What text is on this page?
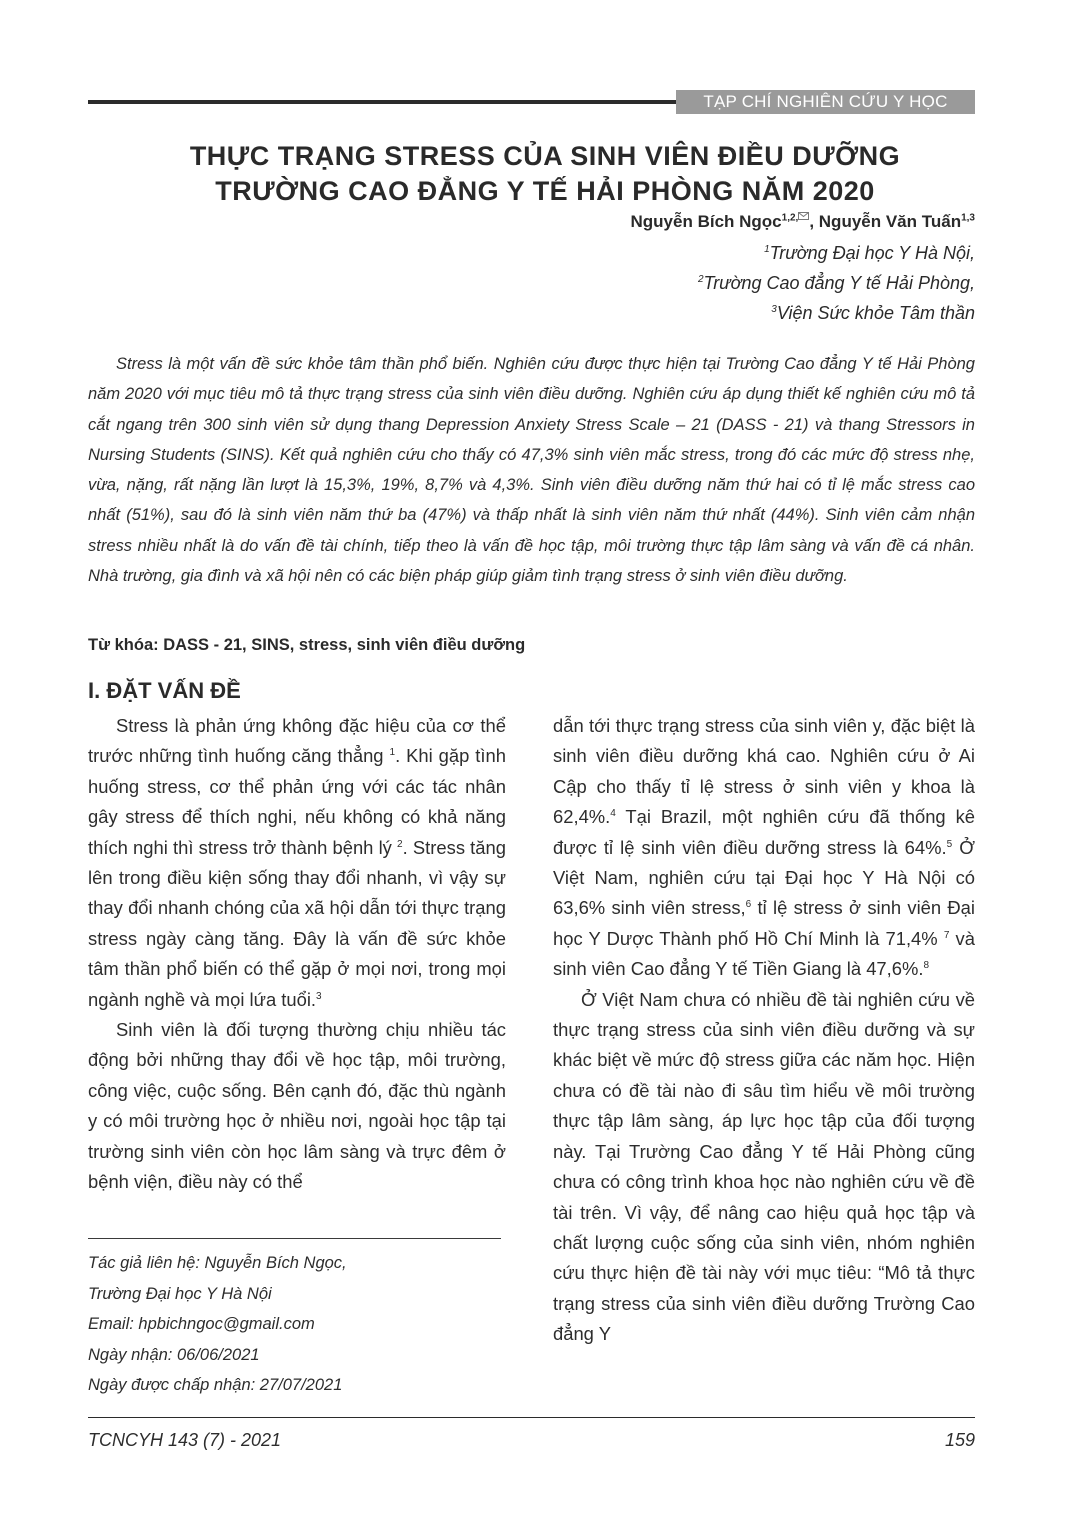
TẠP CHÍ NGHIÊN CỨU Y HỌC
THỰC TRẠNG STRESS CỦA SINH VIÊN ĐIỀU DƯỠNG
TRƯỜNG CAO ĐẲNG Y TẾ HẢI PHÒNG NĂM 2020
Nguyễn Bích Ngọc$^{1,2,}$ , Nguyễn Văn Tuấn$^{1,3}$
$^1$Trường Đại học Y Hà Nội,
$^2$Trường Cao đẳng Y tế Hải Phòng,
$^3$Viện Sức khỏe Tâm thần

Stress là một vấn đề sức khỏe tâm thần phổ biến. Nghiên cứu được thực hiện tại Trường Cao đẳng Y tế Hải Phòng năm 2020 với mục tiêu mô tả thực trạng stress của sinh viên điều dưỡng. Nghiên cứu áp dụng thiết kế nghiên cứu mô tả cắt ngang trên 300 sinh viên sử dụng thang Depression Anxiety Stress Scale – 21 (DASS - 21) và thang Stressors in Nursing Students (SINS). Kết quả nghiên cứu cho thấy có 47,3% sinh viên mắc stress, trong đó các mức độ stress nhẹ, vừa, nặng, rất nặng lần lượt là 15,3%, 19%, 8,7% và 4,3%. Sinh viên điều dưỡng năm thứ hai có tỉ lệ mắc stress cao nhất (51%), sau đó là sinh viên năm thứ ba (47%) và thấp nhất là sinh viên năm thứ nhất (44%). Sinh viên cảm nhận stress nhiều nhất là do vấn đề tài chính, tiếp theo là vấn đề học tập, môi trường thực tập lâm sàng và vấn đề cá nhân. Nhà trường, gia đình và xã hội nên có các biện pháp giúp giảm tình trạng stress ở sinh viên điều dưỡng.

Từ khóa: DASS - 21, SINS, stress, sinh viên điều dưỡng
I. ĐẶT VẤN ĐỀ

Stress là phản ứng không đặc hiệu của cơ thể trước những tình huống căng thẳng $^1$. Khi gặp tình huống stress, cơ thể phản ứng với các tác nhân gây stress để thích nghi, nếu không có khả năng thích nghi thì stress trở thành bệnh lý $^2$. Stress tăng lên trong điều kiện sống thay đổi nhanh, vì vậy sự thay đổi nhanh chóng của xã hội dẫn tới thực trạng stress ngày càng tăng. Đây là vấn đề sức khỏe tâm thần phổ biến có thể gặp ở mọi nơi, trong mọi ngành nghề và mọi lứa tuổi.$^3$

Sinh viên là đối tượng thường chịu nhiều tác động bởi những thay đổi về học tập, môi trường, công việc, cuộc sống. Bên cạnh đó, đặc thù ngành y có môi trường học ở nhiều nơi, ngoài học tập tại trường sinh viên còn học lâm sàng và trực đêm ở bệnh viện, điều này có thể

dẫn tới thực trạng stress của sinh viên y, đặc biệt là sinh viên điều dưỡng khá cao. Nghiên cứu ở Ai Cập cho thấy tỉ lệ stress ở sinh viên y khoa là 62,4%.$^4$ Tại Brazil, một nghiên cứu đã thống kê được tỉ lệ sinh viên điều dưỡng stress là 64%.$^5$ Ở Việt Nam, nghiên cứu tại Đại học Y Hà Nội có 63,6% sinh viên stress,$^6$ tỉ lệ stress ở sinh viên Đại học Y Dược Thành phố Hồ Chí Minh là 71,4% $^7$ và sinh viên Cao đẳng Y tế Tiền Giang là 47,6%.$^8$

Ở Việt Nam chưa có nhiều đề tài nghiên cứu về thực trạng stress của sinh viên điều dưỡng và sự khác biệt về mức độ stress giữa các năm học. Hiện chưa có đề tài nào đi sâu tìm hiểu về môi trường thực tập lâm sàng, áp lực học tập của đối tượng này. Tại Trường Cao đẳng Y tế Hải Phòng cũng chưa có công trình khoa học nào nghiên cứu về đề tài trên. Vì vậy, để nâng cao hiệu quả học tập và chất lượng cuộc sống của sinh viên, nhóm nghiên cứu thực hiện đề tài này với mục tiêu: “Mô tả thực trạng stress của sinh viên điều dưỡng Trường Cao đẳng Y

Tác giả liên hệ: Nguyễn Bích Ngọc,
Trường Đại học Y Hà Nội
Email: hpbichngoc@gmail.com
Ngày nhận: 06/06/2021
Ngày được chấp nhận: 27/07/2021
TCNCYH 143 (7) - 2021	159
